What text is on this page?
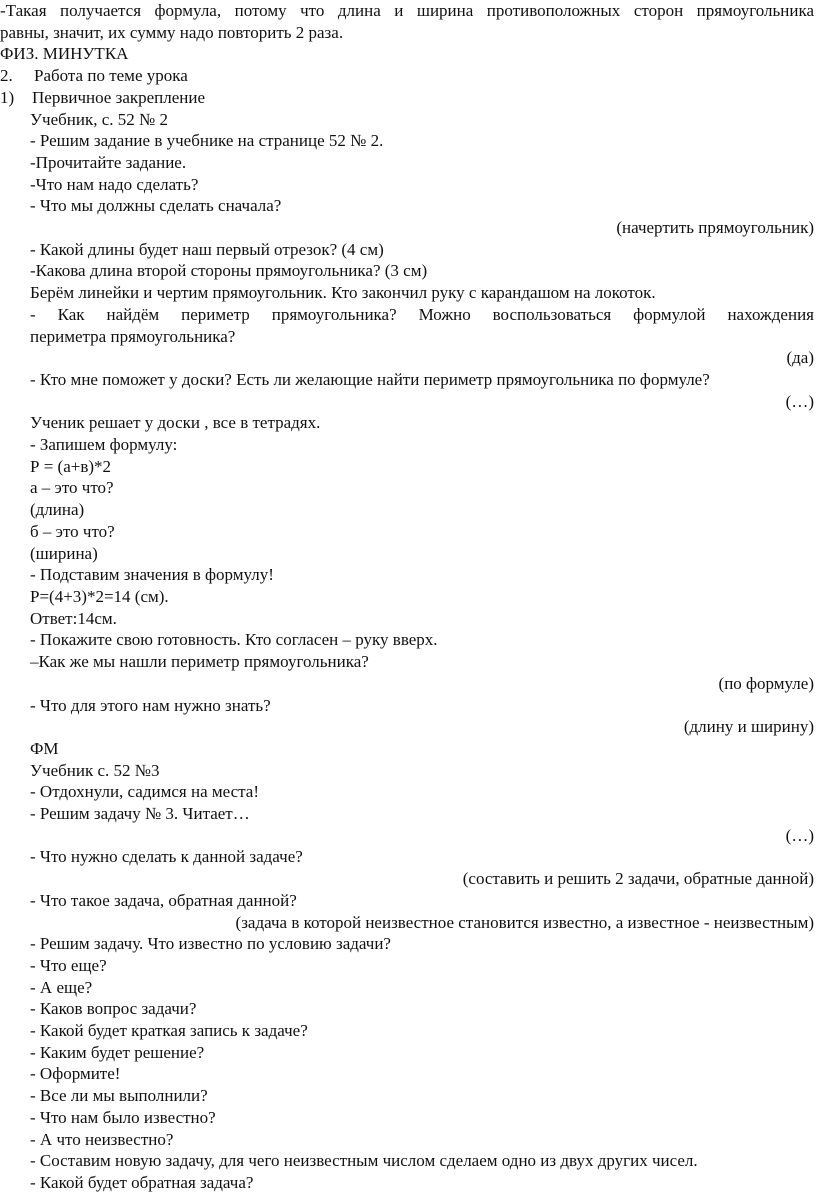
-Такая получается формула, потому что длина и ширина противоположных сторон прямоугольника
равны, значит, их сумму надо повторить 2 раза.
ФИЗ. МИНУТКА
2. Работа по теме урока
1) Первичное закрепление
Учебник, с. 52 № 2
- Решим задание в учебнике на странице 52 № 2.
-Прочитайте задание.
-Что нам надо сделать?
- Что мы должны сделать сначала?
(начертить прямоугольник)
- Какой длины будет наш первый отрезок? (4 см)
-Какова длина второй стороны прямоугольника? (3 см)
Берём линейки и чертим прямоугольник. Кто закончил руку с карандашом на локоток.
- Как найдём периметр прямоугольника? Можно воспользоваться формулой нахождения
периметра прямоугольника?
(да)
- Кто мне поможет у доски? Есть ли желающие найти периметр прямоугольника по формуле?
(…)
Ученик решает у доски , все в тетрадях.
- Запишем формулу:
Р = (а+в)*2
а – это что?
(длина)
б – это что?
(ширина)
- Подставим значения в формулу!
Р=(4+3)*2=14 (см).
Ответ:14см.
- Покажите свою готовность. Кто согласен – руку вверх.
–Как же мы нашли периметр прямоугольника?
(по формуле)
- Что для этого нам нужно знать?
(длину и ширину)
ФМ
Учебник с. 52 №3
- Отдохнули, садимся на места!
- Решим задачу № 3. Читает…
(…)
- Что нужно сделать к данной задаче?
(составить и решить 2 задачи, обратные данной)
- Что такое задача, обратная данной?
(задача в которой неизвестное становится известно, а известное - неизвестным)
- Решим задачу. Что известно по условию задачи?
- Что еще?
- А еще?
- Каков вопрос задачи?
- Какой будет краткая запись к задаче?
- Каким будет решение?
- Оформите!
- Все ли мы выполнили?
- Что нам было известно?
- А что неизвестно?
- Составим новую задачу, для чего неизвестным числом сделаем одно из двух других чисел.
- Какой будет обратная задача?
